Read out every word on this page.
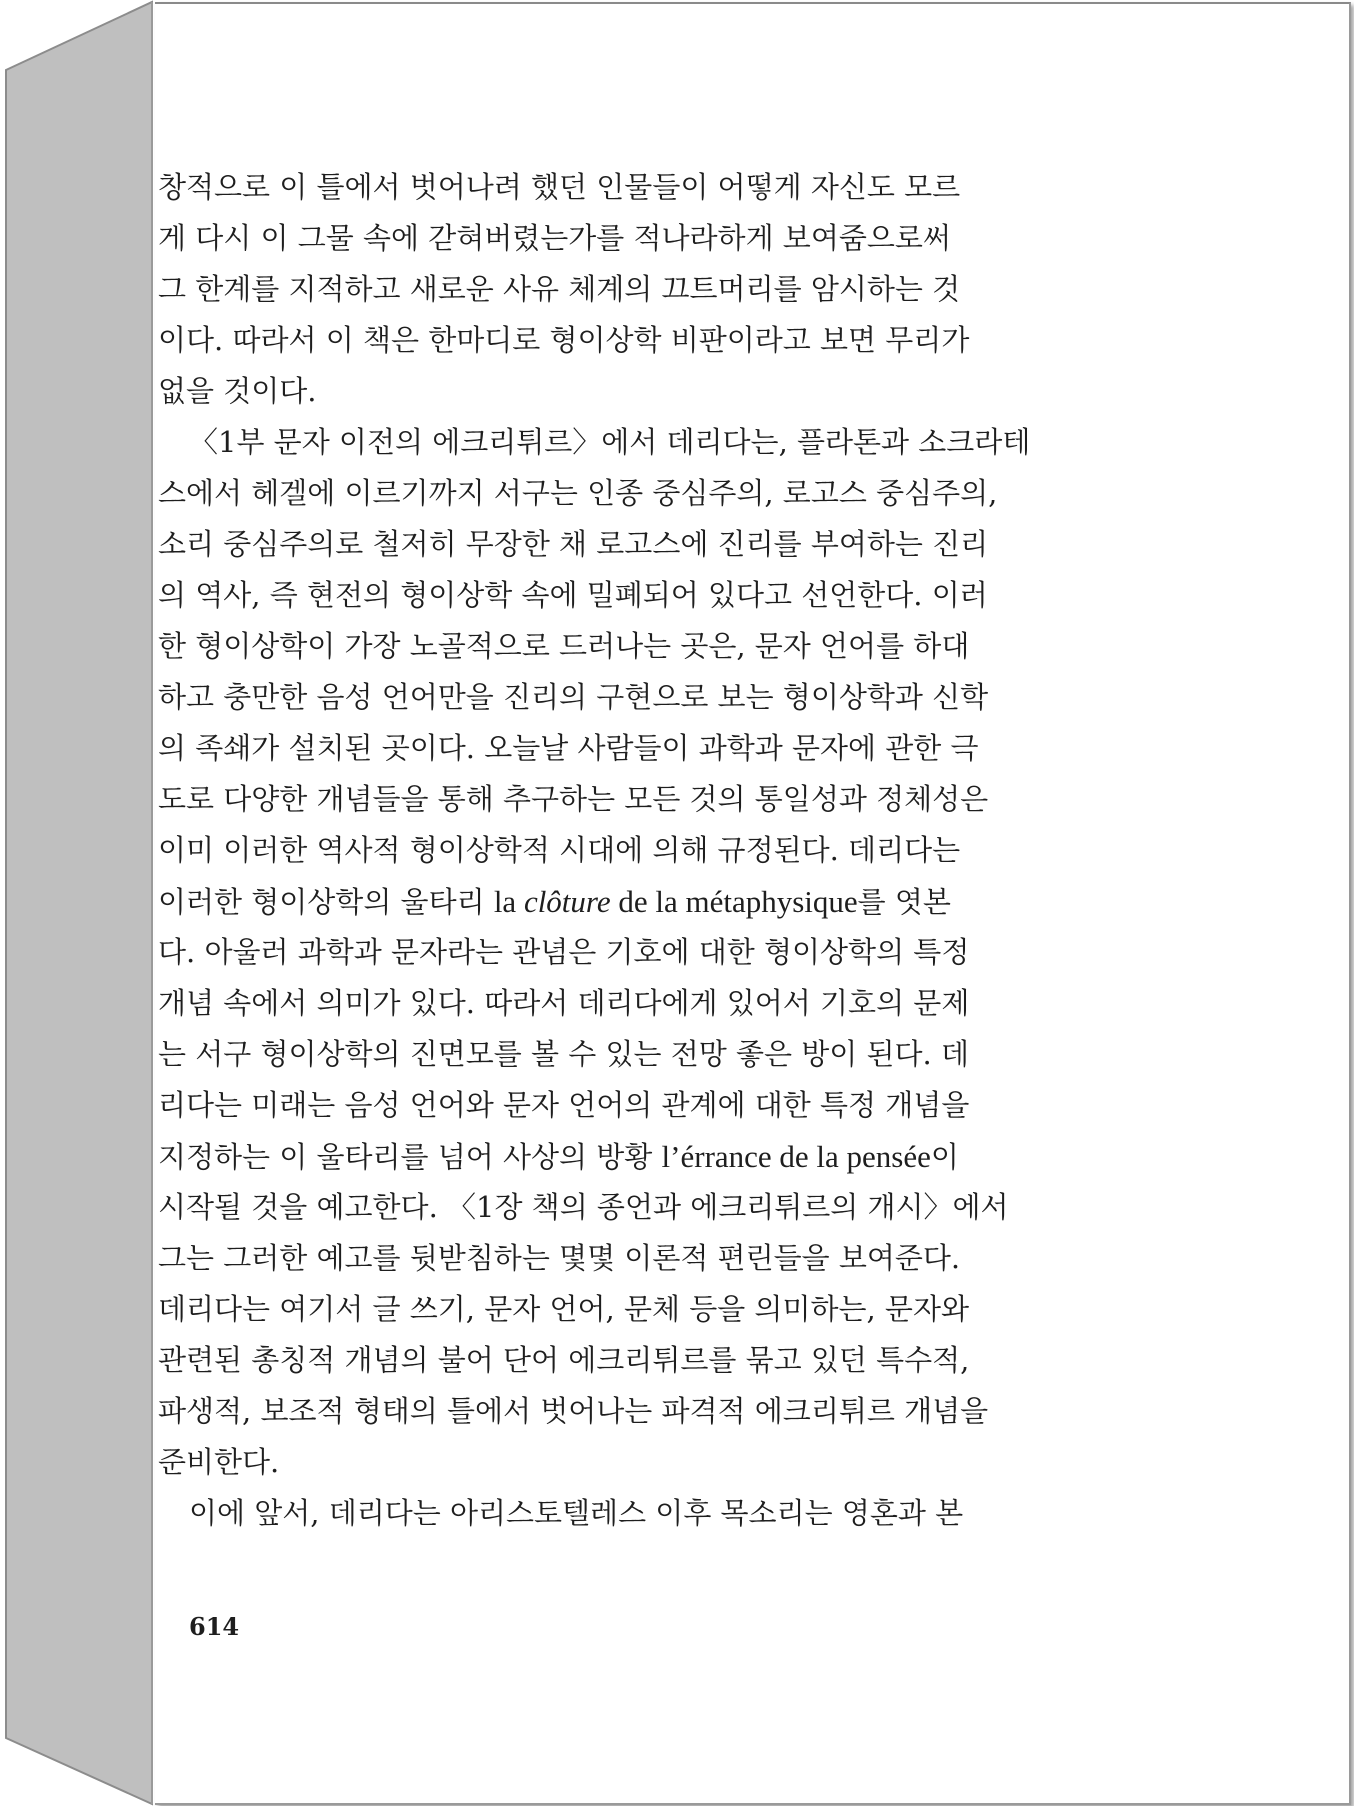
창적으로 이 틀에서 벗어나려 했던 인물들이 어떻게 자신도 모르
게 다시 이 그물 속에 갇혀버렸는가를 적나라하게 보여줌으로써
그 한계를 지적하고 새로운 사유 체계의 끄트머리를 암시하는 것
이다. 따라서 이 책은 한마디로 형이상학 비판이라고 보면 무리가
없을 것이다.
〈1부 문자 이전의 에크리튀르〉에서 데리다는, 플라톤과 소크라테
스에서 헤겔에 이르기까지 서구는 인종 중심주의, 로고스 중심주의,
소리 중심주의로 철저히 무장한 채 로고스에 진리를 부여하는 진리
의 역사, 즉 현전의 형이상학 속에 밀폐되어 있다고 선언한다. 이러
한 형이상학이 가장 노골적으로 드러나는 곳은, 문자 언어를 하대
하고 충만한 음성 언어만을 진리의 구현으로 보는 형이상학과 신학
의 족쇄가 설치된 곳이다. 오늘날 사람들이 과학과 문자에 관한 극
도로 다양한 개념들을 통해 추구하는 모든 것의 통일성과 정체성은
이미 이러한 역사적 형이상학적 시대에 의해 규정된다. 데리다는
이러한 형이상학의 울타리 la clôture de la métaphysique를 엿본
다. 아울러 과학과 문자라는 관념은 기호에 대한 형이상학의 특정
개념 속에서 의미가 있다. 따라서 데리다에게 있어서 기호의 문제
는 서구 형이상학의 진면모를 볼 수 있는 전망 좋은 방이 된다. 데
리다는 미래는 음성 언어와 문자 언어의 관계에 대한 특정 개념을
지정하는 이 울타리를 넘어 사상의 방황 l’érrance de la pensée이
시작될 것을 예고한다. 〈1장 책의 종언과 에크리튀르의 개시〉에서
그는 그러한 예고를 뒷받침하는 몇몇 이론적 편린들을 보여준다.
데리다는 여기서 글 쓰기, 문자 언어, 문체 등을 의미하는, 문자와
관련된 총칭적 개념의 불어 단어 에크리튀르를 묶고 있던 특수적,
파생적, 보조적 형태의 틀에서 벗어나는 파격적 에크리튀르 개념을
준비한다.
이에 앞서, 데리다는 아리스토텔레스 이후 목소리는 영혼과 본
614
